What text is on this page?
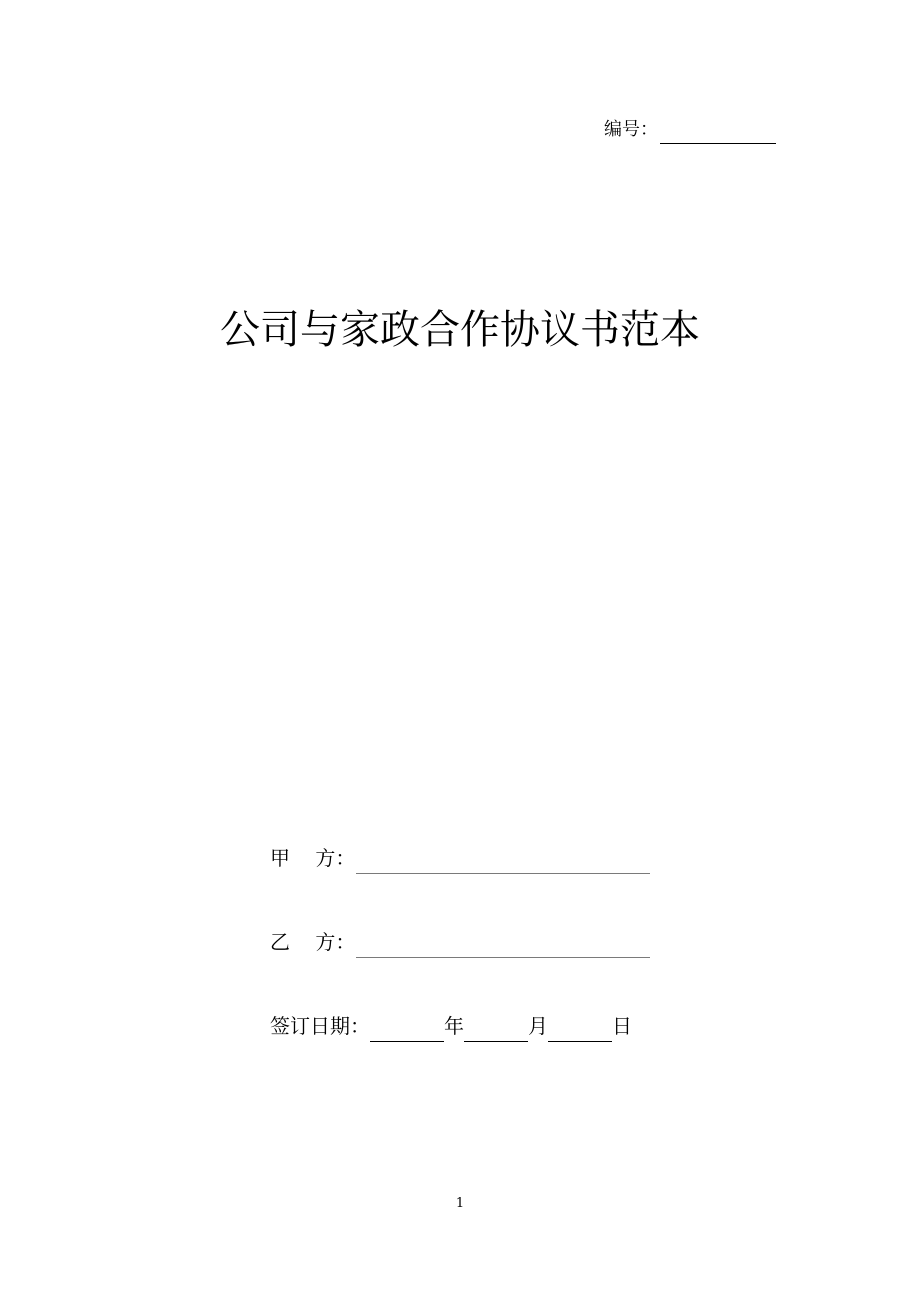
编号：
公司与家政合作协议书范本
甲    方：
乙    方：
签订日期：	年	月	日
1
